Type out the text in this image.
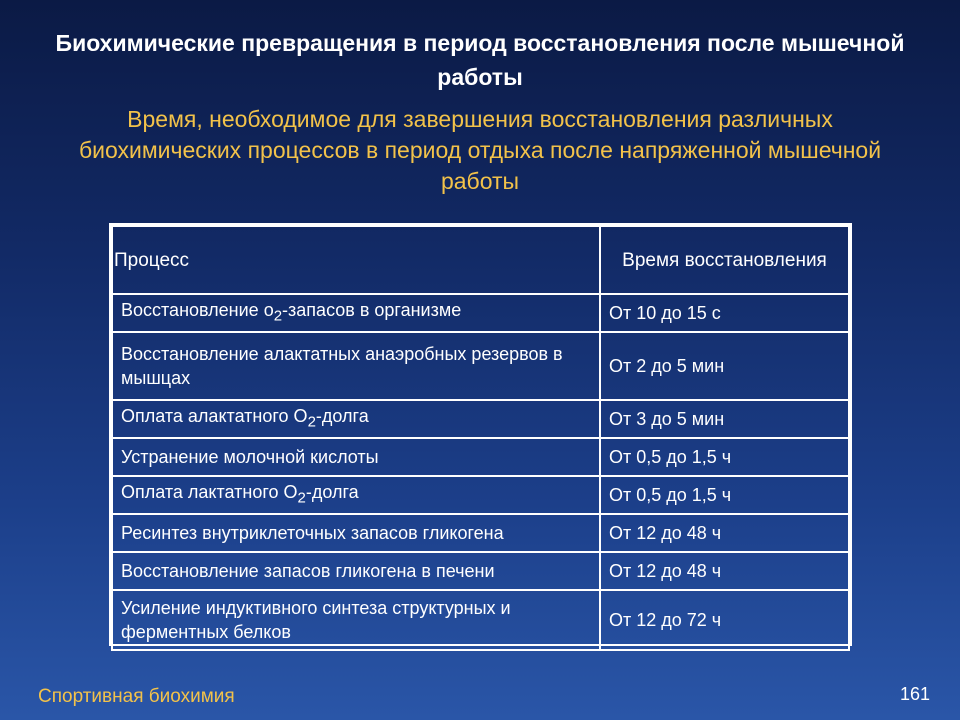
Биохимические превращения в период восстановления после мышечной работы
Время, необходимое для завершения восстановления различных биохимических процессов в период отдыха после напряженной мышечной работы
Процесс	Время восстановления
Восстановление $о_2$-запасов в организме	От 10 до 15 с
Восстановление алактатных анаэробных резервов в мышцах	От 2 до 5 мин
Оплата алактатного $О_2$-долга	От 3 до 5 мин
Устранение молочной кислоты	От 0,5 до 1,5 ч
Оплата лактатного $О_2$-долга	От 0,5 до 1,5 ч
Ресинтез внутриклеточных запасов гликогена	От 12 до 48 ч
Восстановление запасов гликогена в печени	От 12 до 48 ч
Усиление индуктивного синтеза структурных и ферментных белков	От 12 до 72 ч
Спортивная биохимия	161
